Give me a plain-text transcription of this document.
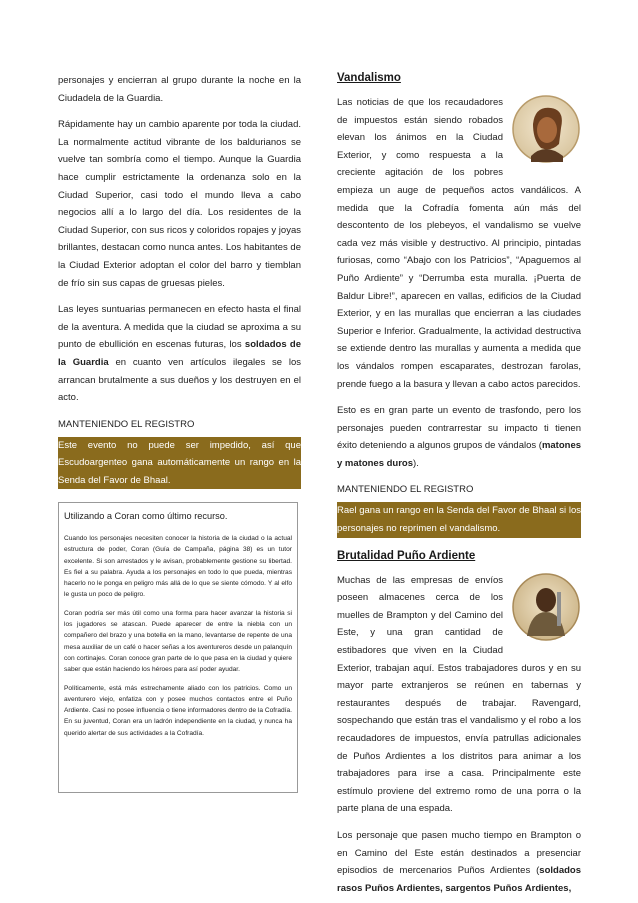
personajes y encierran al grupo durante la noche en la Ciudadela de la Guardia.

Rápidamente hay un cambio aparente por toda la ciudad. La normalmente actitud vibrante de los baldurianos se vuelve tan sombría como el tiempo. Aunque la Guardia hace cumplir estrictamente la ordenanza solo en la Ciudad Superior, casi todo el mundo lleva a cabo negocios allí a lo largo del día. Los residentes de la Ciudad Superior, con sus ricos y coloridos ropajes y joyas brillantes, destacan como nunca antes. Los habitantes de la Ciudad Exterior adoptan el color del barro y tiemblan de frío sin sus capas de gruesas pieles.

Las leyes suntuarias permanecen en efecto hasta el final de la aventura. A medida que la ciudad se aproxima a su punto de ebullición en escenas futuras, los soldados de la Guardia en cuanto ven artículos ilegales se los arrancan brutalmente a sus dueños y los destruyen en el acto.

MANTENIENDO EL REGISTRO
Este evento no puede ser impedido, así que Escudoargenteo gana automáticamente un rango en la Senda del Favor de Bhaal.
Utilizando a Coran como último recurso.

Cuando los personajes necesiten conocer la historia de la ciudad o la actual estructura de poder, Coran (Guía de Campaña, página 38) es un tutor excelente. Si son arrestados y le avisan, probablemente gestione su libertad. Es fiel a su palabra. Ayuda a los personajes en todo lo que pueda, mientras hacerlo no le ponga en peligro más allá de lo que se siente cómodo. Y al elfo le gusta un poco de peligro.

Coran podría ser más útil como una forma para hacer avanzar la historia si los jugadores se atascan. Puede aparecer de entre la niebla con un compañero del brazo y una botella en la mano, levantarse de repente de una mesa auxiliar de un café o hacer señas a los aventureros desde un palanquín con cortinajes. Coran conoce gran parte de lo que pasa en la ciudad y quiere saber que están haciendo los héroes para así poder ayudar.

Políticamente, está más estrechamente aliado con los patricios. Como un aventurero viejo, enfatiza con y posee muchos contactos entre el Puño Ardiente. Casi no posee influencia o tiene informadores dentro de la Cofradía. En su juventud, Coran era un ladrón independiente en la ciudad, y nunca ha querido alertar de sus actividades a la Cofradía.

Vandalismo

Las noticias de que los recaudadores de impuestos están siendo robados elevan los ánimos en la Ciudad Exterior, y como respuesta a la creciente agitación de los pobres empieza un auge de pequeños actos vandálicos. A medida que la Cofradía fomenta aún más del descontento de los plebeyos, el vandalismo se vuelve cada vez más visible y destructivo. Al principio, pintadas furiosas, como “Abajo con los Patricios”, “Apaguemos al Puño Ardiente” y “Derrumba esta muralla. ¡Puerta de Baldur Libre!”, aparecen en vallas, edificios de la Ciudad Exterior, y en las murallas que encierran a las ciudades Superior e Inferior. Gradualmente, la actividad destructiva se extiende dentro las murallas y aumenta a medida que los vándalos rompen escaparates, destrozan farolas, prende fuego a la basura y llevan a cabo actos parecidos.

Esto es en gran parte un evento de trasfondo, pero los personajes pueden contrarrestar su impacto ti tienen éxito deteniendo a algunos grupos de vándalos (matones y matones duros).

MANTENIENDO EL REGISTRO
Rael gana un rango en la Senda del Favor de Bhaal si los personajes no reprimen el vandalismo.
Brutalidad Puño Ardiente

Muchas de las empresas de envíos poseen almacenes cerca de los muelles de Brampton y del Camino del Este, y una gran cantidad de estibadores que viven en la Ciudad Exterior, trabajan aquí. Estos trabajadores duros y en su mayor parte extranjeros se reúnen en tabernas y restaurantes después de trabajar. Ravengard, sospechando que están tras el vandalismo y el robo a los recaudadores de impuestos, envía patrullas adicionales de Puños Ardientes a los distritos para animar a los trabajadores para irse a casa. Principalmente este estímulo proviene del extremo romo de una porra o la parte plana de una espada.

Los personaje que pasen mucho tiempo en Brampton o en Camino del Este están destinados a presenciar episodios de mercenarios Puños Ardientes (soldados rasos Puños Ardientes, sargentos Puños Ardientes,
